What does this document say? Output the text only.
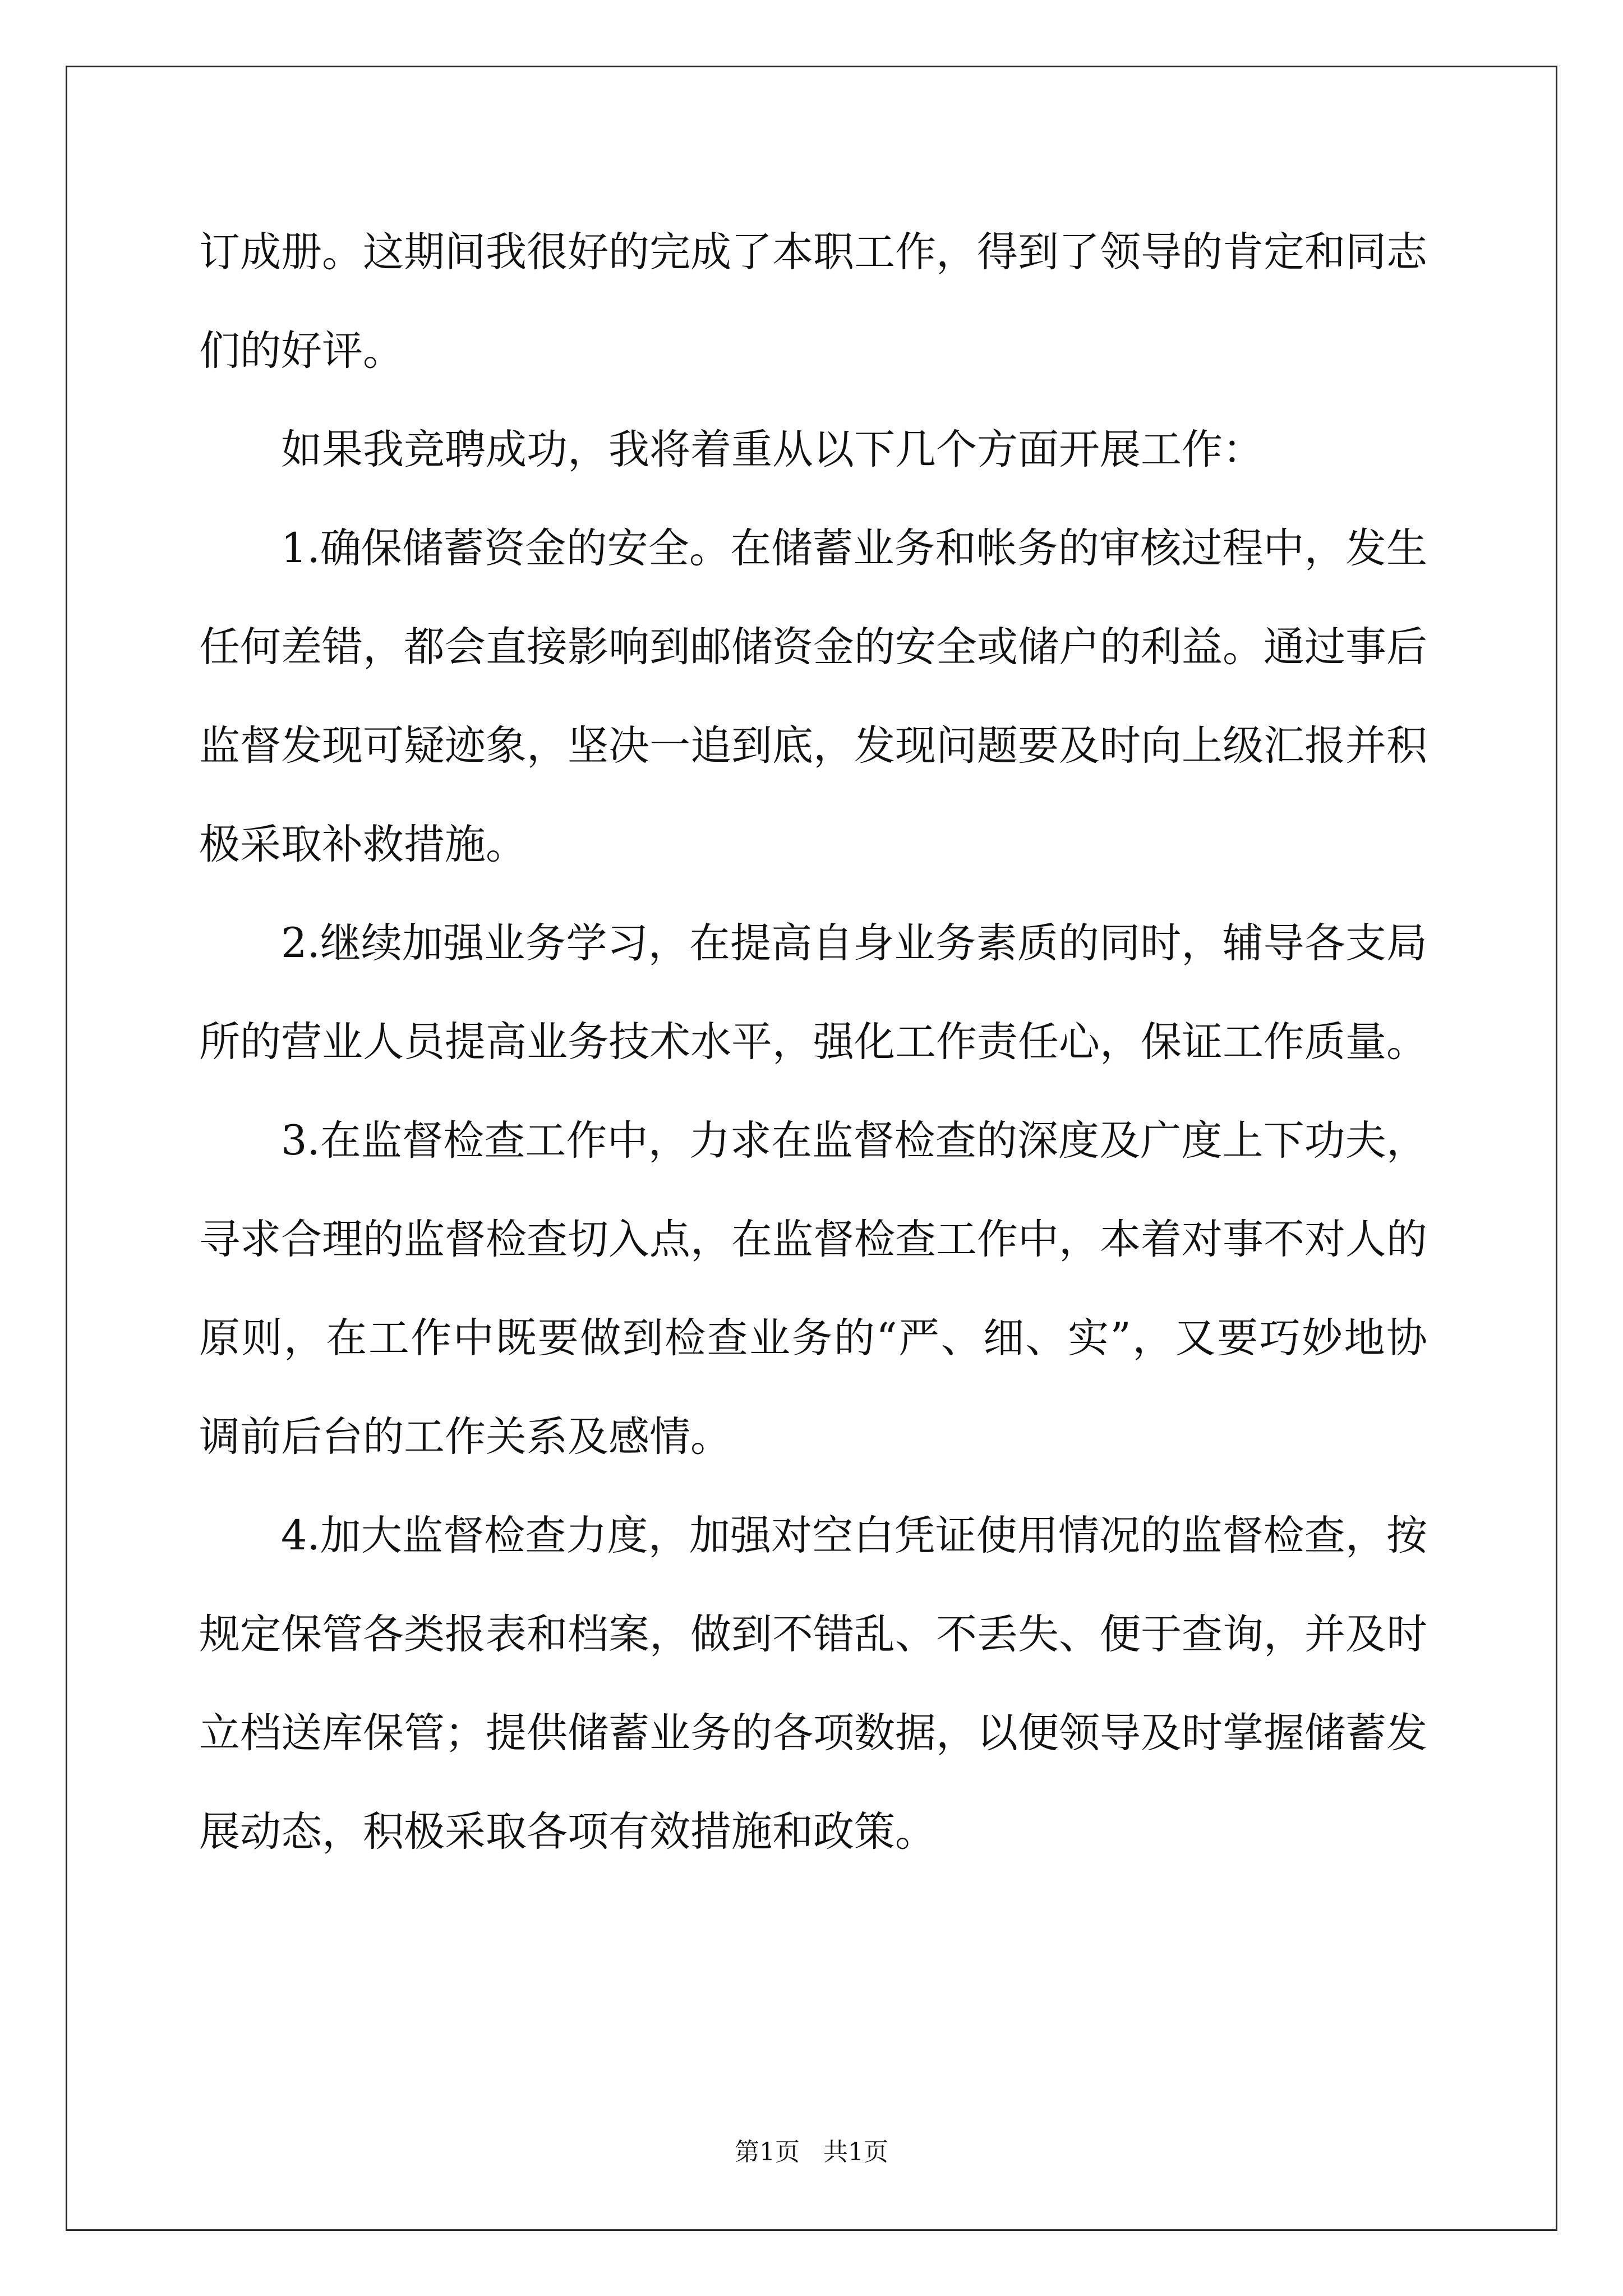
订成册。这期间我很好的完成了本职工作，得到了领导的肯定和同志们的好评。

如果我竞聘成功，我将着重从以下几个方面开展工作：

1.确保储蓄资金的安全。在储蓄业务和帐务的审核过程中，发生任何差错，都会直接影响到邮储资金的安全或储户的利益。通过事后监督发现可疑迹象，坚决一追到底，发现问题要及时向上级汇报并积极采取补救措施。

2.继续加强业务学习，在提高自身业务素质的同时，辅导各支局所的营业人员提高业务技术水平，强化工作责任心，保证工作质量。

3.在监督检查工作中，力求在监督检查的深度及广度上下功夫，寻求合理的监督检查切入点，在监督检查工作中，本着对事不对人的原则，在工作中既要做到检查业务的“严、细、实”，又要巧妙地协调前后台的工作关系及感情。

4.加大监督检查力度，加强对空白凭证使用情况的监督检查，按规定保管各类报表和档案，做到不错乱、不丢失、便于查询，并及时立档送库保管；提供储蓄业务的各项数据，以便领导及时掌握储蓄发展动态，积极采取各项有效措施和政策。

第1页 共1页
